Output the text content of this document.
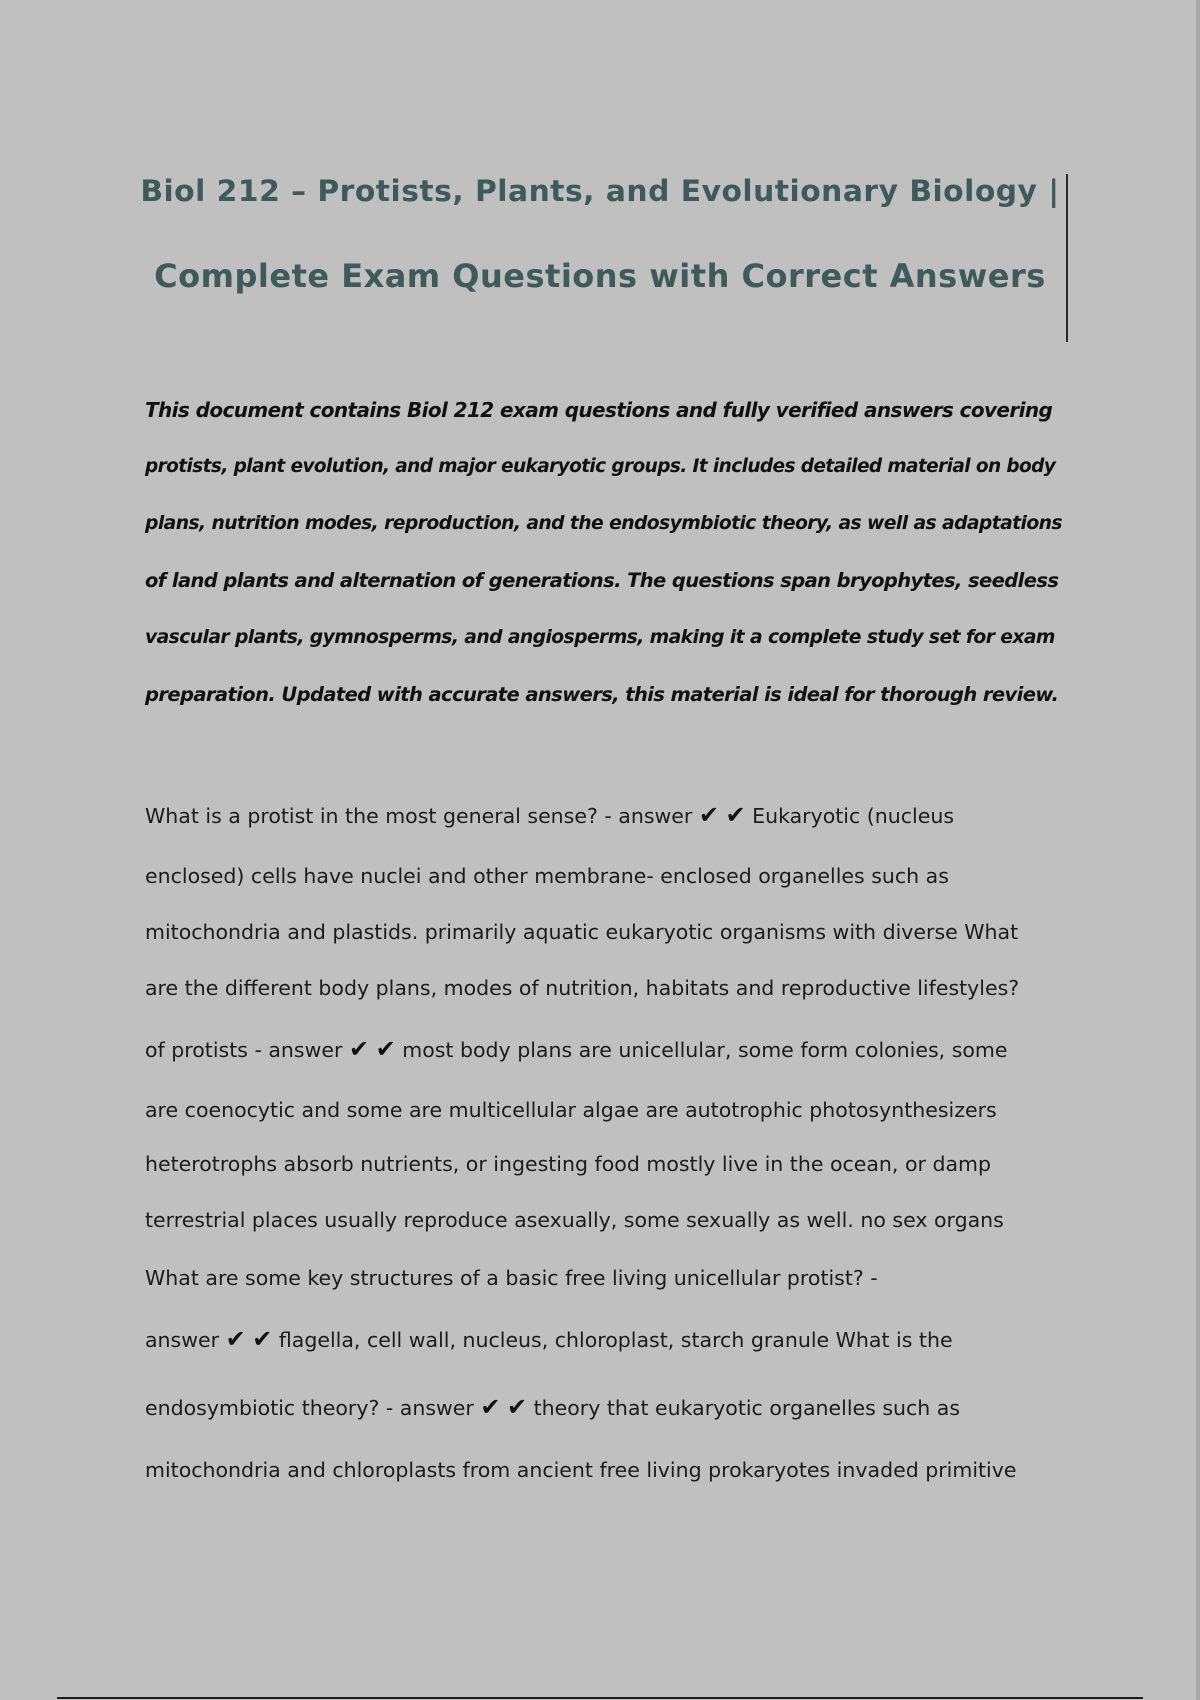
Biol 212 – Protists, Plants, and Evolutionary Biology |
Complete Exam Questions with Correct Answers
This document contains Biol 212 exam questions and fully verified answers covering
protists, plant evolution, and major eukaryotic groups. It includes detailed material on body
plans, nutrition modes, reproduction, and the endosymbiotic theory, as well as adaptations
of land plants and alternation of generations. The questions span bryophytes, seedless
vascular plants, gymnosperms, and angiosperms, making it a complete study set for exam
preparation. Updated with accurate answers, this material is ideal for thorough review.
What is a protist in the most general sense? - answer ✔ ✔ Eukaryotic (nucleus
enclosed) cells have nuclei and other membrane- enclosed organelles such as
mitochondria and plastids. primarily aquatic eukaryotic organisms with diverse What
are the different body plans, modes of nutrition, habitats and reproductive lifestyles?
of protists - answer ✔ ✔ most body plans are unicellular, some form colonies, some
are coenocytic and some are multicellular algae are autotrophic photosynthesizers
heterotrophs absorb nutrients, or ingesting food mostly live in the ocean, or damp
terrestrial places usually reproduce asexually, some sexually as well. no sex organs
What are some key structures of a basic free living unicellular protist? -
answer ✔ ✔ flagella, cell wall, nucleus, chloroplast, starch granule What is the
endosymbiotic theory? - answer ✔ ✔ theory that eukaryotic organelles such as
mitochondria and chloroplasts from ancient free living prokaryotes invaded primitive
